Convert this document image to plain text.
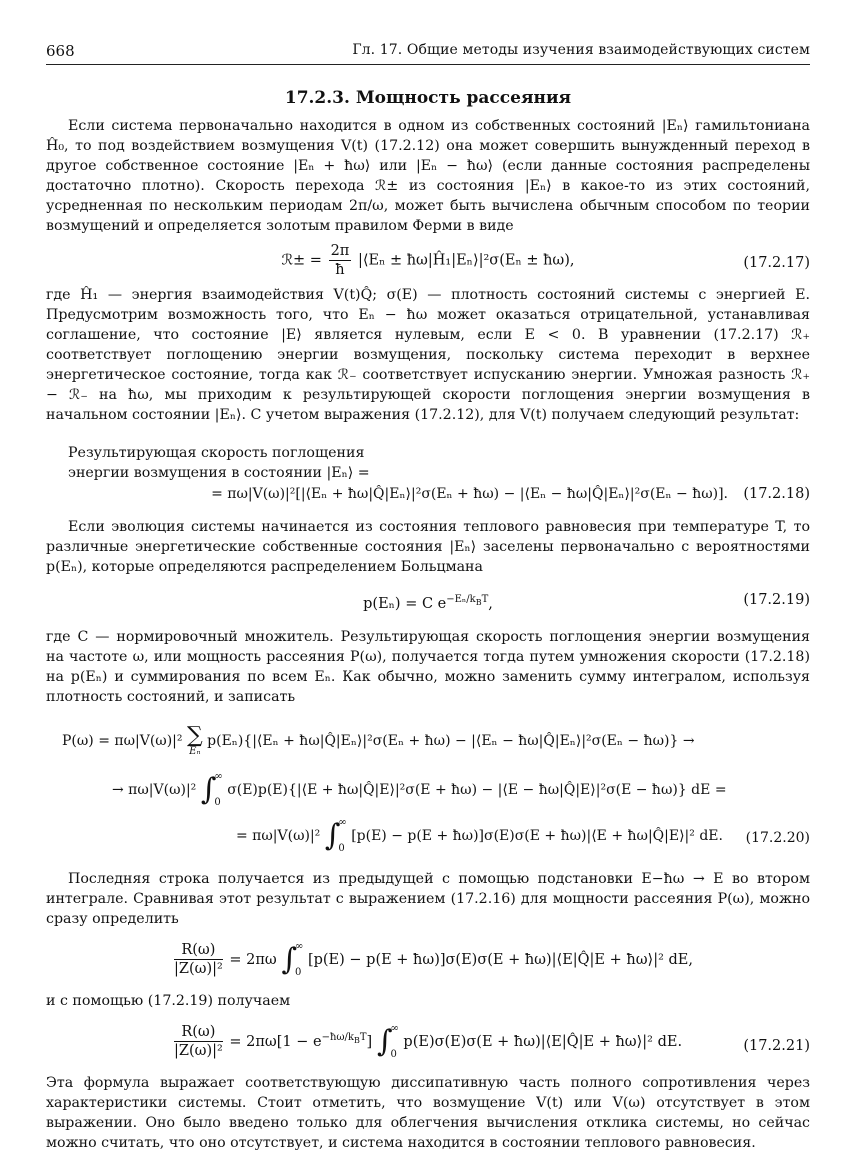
668	Гл. 17. Общие методы изучения взаимодействующих систем
17.2.3. Мощность рассеяния

Если система первоначально находится в одном из собственных состояний |Eₙ⟩ гамильтониана Ĥ₀, то под воздействием возмущения V(t) (17.2.12) она может совершить вынужденный переход в другое собственное состояние |Eₙ + ħω⟩ или |Eₙ − ħω⟩ (если данные состояния распределены достаточно плотно). Скорость перехода ℛ± из состояния |Eₙ⟩ в какое-то из этих состояний, усредненная по нескольким периодам 2π/ω, может быть вычислена обычным способом по теории возмущений и определяется золотым правилом Ферми в виде

ℛ± = $\frac{2\pi}{ħ}$ |⟨Eₙ ± ħω|Ĥ₁|Eₙ⟩|²σ(Eₙ ± ħω),	(17.2.17)

где Ĥ₁ — энергия взаимодействия V(t)Q̂; σ(E) — плотность состояний системы с энергией E. Предусмотрим возможность того, что Eₙ − ħω может оказаться отрицательной, устанавливая соглашение, что состояние |E⟩ является нулевым, если E < 0. В уравнении (17.2.17) ℛ₊ соответствует поглощению энергии возмущения, поскольку система переходит в верхнее энергетическое состояние, тогда как ℛ₋ соответствует испусканию энергии. Умножая разность ℛ₊ − ℛ₋ на ħω, мы приходим к результирующей скорости поглощения энергии возмущения в начальном состоянии |Eₙ⟩. С учетом выражения (17.2.12), для V(t) получаем следующий результат:

Результирующая скорость поглощения

энергии возмущения в состоянии |Eₙ⟩ =

= πω|V(ω)|²[|⟨Eₙ + ħω|Q̂|Eₙ⟩|²σ(Eₙ + ħω) − |⟨Eₙ − ħω|Q̂|Eₙ⟩|²σ(Eₙ − ħω)].	(17.2.18)

Если эволюция системы начинается из состояния теплового равновесия при температуре T, то различные энергетические собственные состояния |Eₙ⟩ заселены первоначально с вероятностями p(Eₙ), которые определяются распределением Больцмана

p(Eₙ) = C $e^{-E_n/k_BT}$,	(17.2.19)

где C — нормировочный множитель. Результирующая скорость поглощения энергии возмущения на частоте ω, или мощность рассеяния P(ω), получается тогда путем умножения скорости (17.2.18) на p(Eₙ) и суммирования по всем Eₙ. Как обычно, можно заменить сумму интегралом, используя плотность состояний, и записать

P(ω) = πω|V(ω)|² ∑
Eₙ
p(Eₙ){|⟨Eₙ + ħω|Q̂|Eₙ⟩|²σ(Eₙ + ħω) − |⟨Eₙ − ħω|Q̂|Eₙ⟩|²σ(Eₙ − ħω)} →
→ πω|V(ω)|² ∫
∞
0
σ(E)p(E){|⟨E + ħω|Q̂|E⟩|²σ(E + ħω) − |⟨E − ħω|Q̂|E⟩|²σ(E − ħω)} dE =
= πω|V(ω)|² ∫
∞
0
[p(E) − p(E + ħω)]σ(E)σ(E + ħω)|⟨E + ħω|Q̂|E⟩|² dE.	(17.2.20)

Последняя строка получается из предыдущей с помощью подстановки E−ħω → E во втором интеграле. Сравнивая этот результат с выражением (17.2.16) для мощности рассеяния P(ω), можно сразу определить

$\frac{R(\omega)}{\text{|Z(ω)|²}} = 2\pi\omega$ ∫
∞
0
[p(E) − p(E + ħω)]σ(E)σ(E + ħω)|⟨E|Q̂|E + ħω⟩|² dE,

и с помощью (17.2.19) получаем

$\frac{R(\omega)}{\text{|Z(ω)|²}} = 2\pi\omega[1 - e^{-ħ\omega/k_BT}]$ ∫
∞
0
p(E)σ(E)σ(E + ħω)|⟨E|Q̂|E + ħω⟩|² dE.	(17.2.21)

Эта формула выражает соответствующую диссипативную часть полного сопротивления через характеристики системы. Стоит отметить, что возмущение V(t) или V(ω) отсутствует в этом выражении. Оно было введено только для облегчения вычисления отклика системы, но сейчас можно считать, что оно отсутствует, и система находится в состоянии теплового равновесия.
